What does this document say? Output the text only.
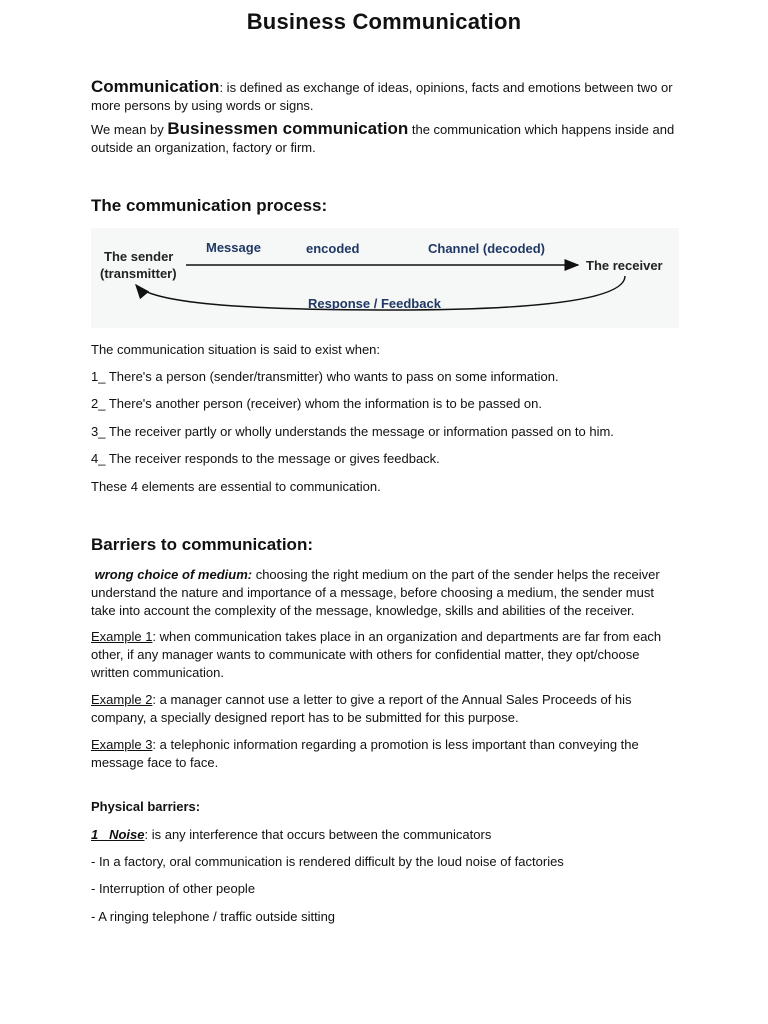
Business Communication
Communication: is defined as exchange of ideas, opinions, facts and emotions between two or more persons by using words or signs.
We mean by Businessmen communication the communication which happens inside and outside an organization, factory or firm.
The communication process:
The sender
(transmitter)
Message	encoded	Channel (decoded)
The receiver
Response / Feedback
The communication situation is said to exist when:
1_ There's a person (sender/transmitter) who wants to pass on some information.
2_ There's another person (receiver) whom the information is to be passed on.
3_ The receiver partly or wholly understands the message or information passed on to him.
4_ The receiver responds to the message or gives feedback.
These 4 elements are essential to communication.
Barriers to communication:
wrong choice of medium: choosing the right medium on the part of the sender helps the receiver understand the nature and importance of a message, before choosing a medium, the sender must take into account the complexity of the message, knowledge, skills and abilities of the receiver.
Example 1: when communication takes place in an organization and departments are far from each other, if any manager wants to communicate with others for confidential matter, they opt/choose written communication.
Example 2: a manager cannot use a letter to give a report of the Annual Sales Proceeds of his company, a specially designed report has to be submitted for this purpose.
Example 3: a telephonic information regarding a promotion is less important than conveying the message face to face.
Physical barriers:
1_ Noise: is any interference that occurs between the communicators
- In a factory, oral communication is rendered difficult by the loud noise of factories
- Interruption of other people
- A ringing telephone / traffic outside sitting
